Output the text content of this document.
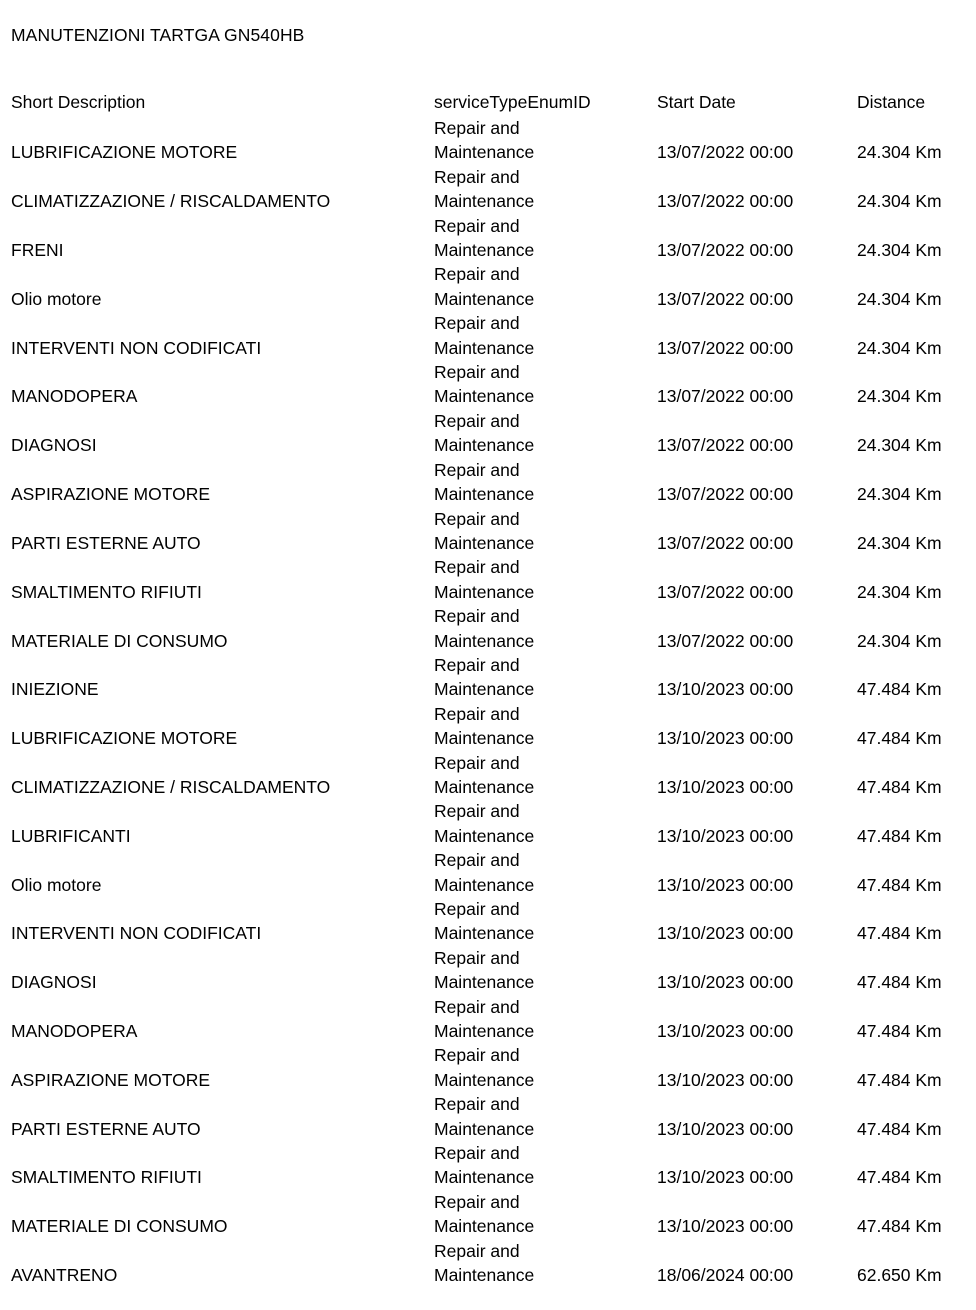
MANUTENZIONI TARTGA GN540HB
Short Description	serviceTypeEnumID	Start Date	Distance

LUBRIFICAZIONE MOTORE	Repair and
Maintenance	13/07/2022 00:00	24.304 Km

CLIMATIZZAZIONE / RISCALDAMENTO	Repair and
Maintenance	13/07/2022 00:00	24.304 Km

FRENI	Repair and
Maintenance	13/07/2022 00:00	24.304 Km

Olio motore	Repair and
Maintenance	13/07/2022 00:00	24.304 Km

INTERVENTI NON CODIFICATI	Repair and
Maintenance	13/07/2022 00:00	24.304 Km

MANODOPERA	Repair and
Maintenance	13/07/2022 00:00	24.304 Km

DIAGNOSI	Repair and
Maintenance	13/07/2022 00:00	24.304 Km

ASPIRAZIONE MOTORE	Repair and
Maintenance	13/07/2022 00:00	24.304 Km

PARTI ESTERNE AUTO	Repair and
Maintenance	13/07/2022 00:00	24.304 Km

SMALTIMENTO RIFIUTI	Repair and
Maintenance	13/07/2022 00:00	24.304 Km

MATERIALE DI CONSUMO	Repair and
Maintenance	13/07/2022 00:00	24.304 Km

INIEZIONE	Repair and
Maintenance	13/10/2023 00:00	47.484 Km

LUBRIFICAZIONE MOTORE	Repair and
Maintenance	13/10/2023 00:00	47.484 Km

CLIMATIZZAZIONE / RISCALDAMENTO	Repair and
Maintenance	13/10/2023 00:00	47.484 Km

LUBRIFICANTI	Repair and
Maintenance	13/10/2023 00:00	47.484 Km

Olio motore	Repair and
Maintenance	13/10/2023 00:00	47.484 Km

INTERVENTI NON CODIFICATI	Repair and
Maintenance	13/10/2023 00:00	47.484 Km

DIAGNOSI	Repair and
Maintenance	13/10/2023 00:00	47.484 Km

MANODOPERA	Repair and
Maintenance	13/10/2023 00:00	47.484 Km

ASPIRAZIONE MOTORE	Repair and
Maintenance	13/10/2023 00:00	47.484 Km

PARTI ESTERNE AUTO	Repair and
Maintenance	13/10/2023 00:00	47.484 Km

SMALTIMENTO RIFIUTI	Repair and
Maintenance	13/10/2023 00:00	47.484 Km

MATERIALE DI CONSUMO	Repair and
Maintenance	13/10/2023 00:00	47.484 Km

AVANTRENO	Repair and
Maintenance	18/06/2024 00:00	62.650 Km
